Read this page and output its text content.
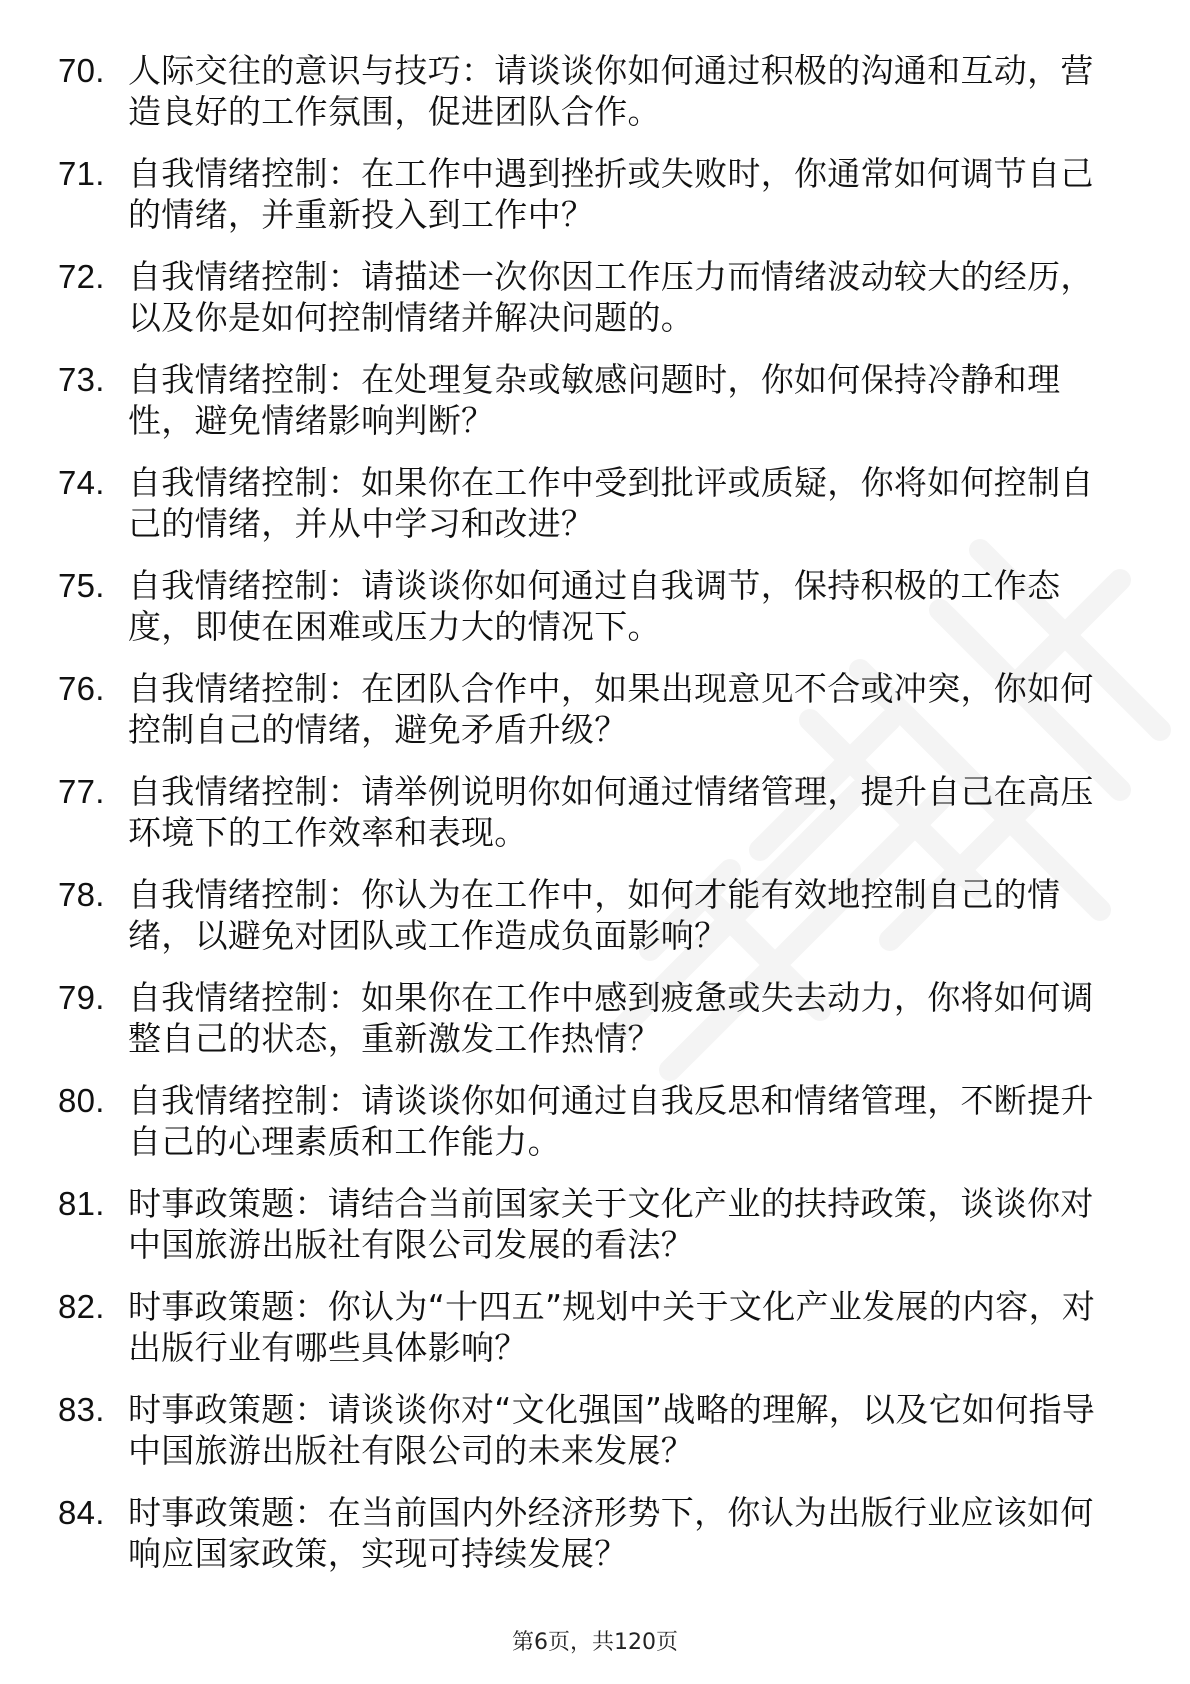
70. 人际交往的意识与技巧：请谈谈你如何通过积极的沟通和互动，营造良好的工作氛围，促进团队合作。
71. 自我情绪控制：在工作中遇到挫折或失败时，你通常如何调节自己的情绪，并重新投入到工作中？
72. 自我情绪控制：请描述一次你因工作压力而情绪波动较大的经历，以及你是如何控制情绪并解决问题的。
73. 自我情绪控制：在处理复杂或敏感问题时，你如何保持冷静和理性，避免情绪影响判断？
74. 自我情绪控制：如果你在工作中受到批评或质疑，你将如何控制自己的情绪，并从中学习和改进？
75. 自我情绪控制：请谈谈你如何通过自我调节，保持积极的工作态度，即使在困难或压力大的情况下。
76. 自我情绪控制：在团队合作中，如果出现意见不合或冲突，你如何控制自己的情绪，避免矛盾升级？
77. 自我情绪控制：请举例说明你如何通过情绪管理，提升自己在高压环境下的工作效率和表现。
78. 自我情绪控制：你认为在工作中，如何才能有效地控制自己的情绪，以避免对团队或工作造成负面影响？
79. 自我情绪控制：如果你在工作中感到疲惫或失去动力，你将如何调整自己的状态，重新激发工作热情？
80. 自我情绪控制：请谈谈你如何通过自我反思和情绪管理，不断提升自己的心理素质和工作能力。
81. 时事政策题：请结合当前国家关于文化产业的扶持政策，谈谈你对中国旅游出版社有限公司发展的看法？
82. 时事政策题：你认为“十四五”规划中关于文化产业发展的内容，对出版行业有哪些具体影响？
83. 时事政策题：请谈谈你对“文化强国”战略的理解，以及它如何指导中国旅游出版社有限公司的未来发展？
84. 时事政策题：在当前国内外经济形势下，你认为出版行业应该如何响应国家政策，实现可持续发展？
第6页，共120页
